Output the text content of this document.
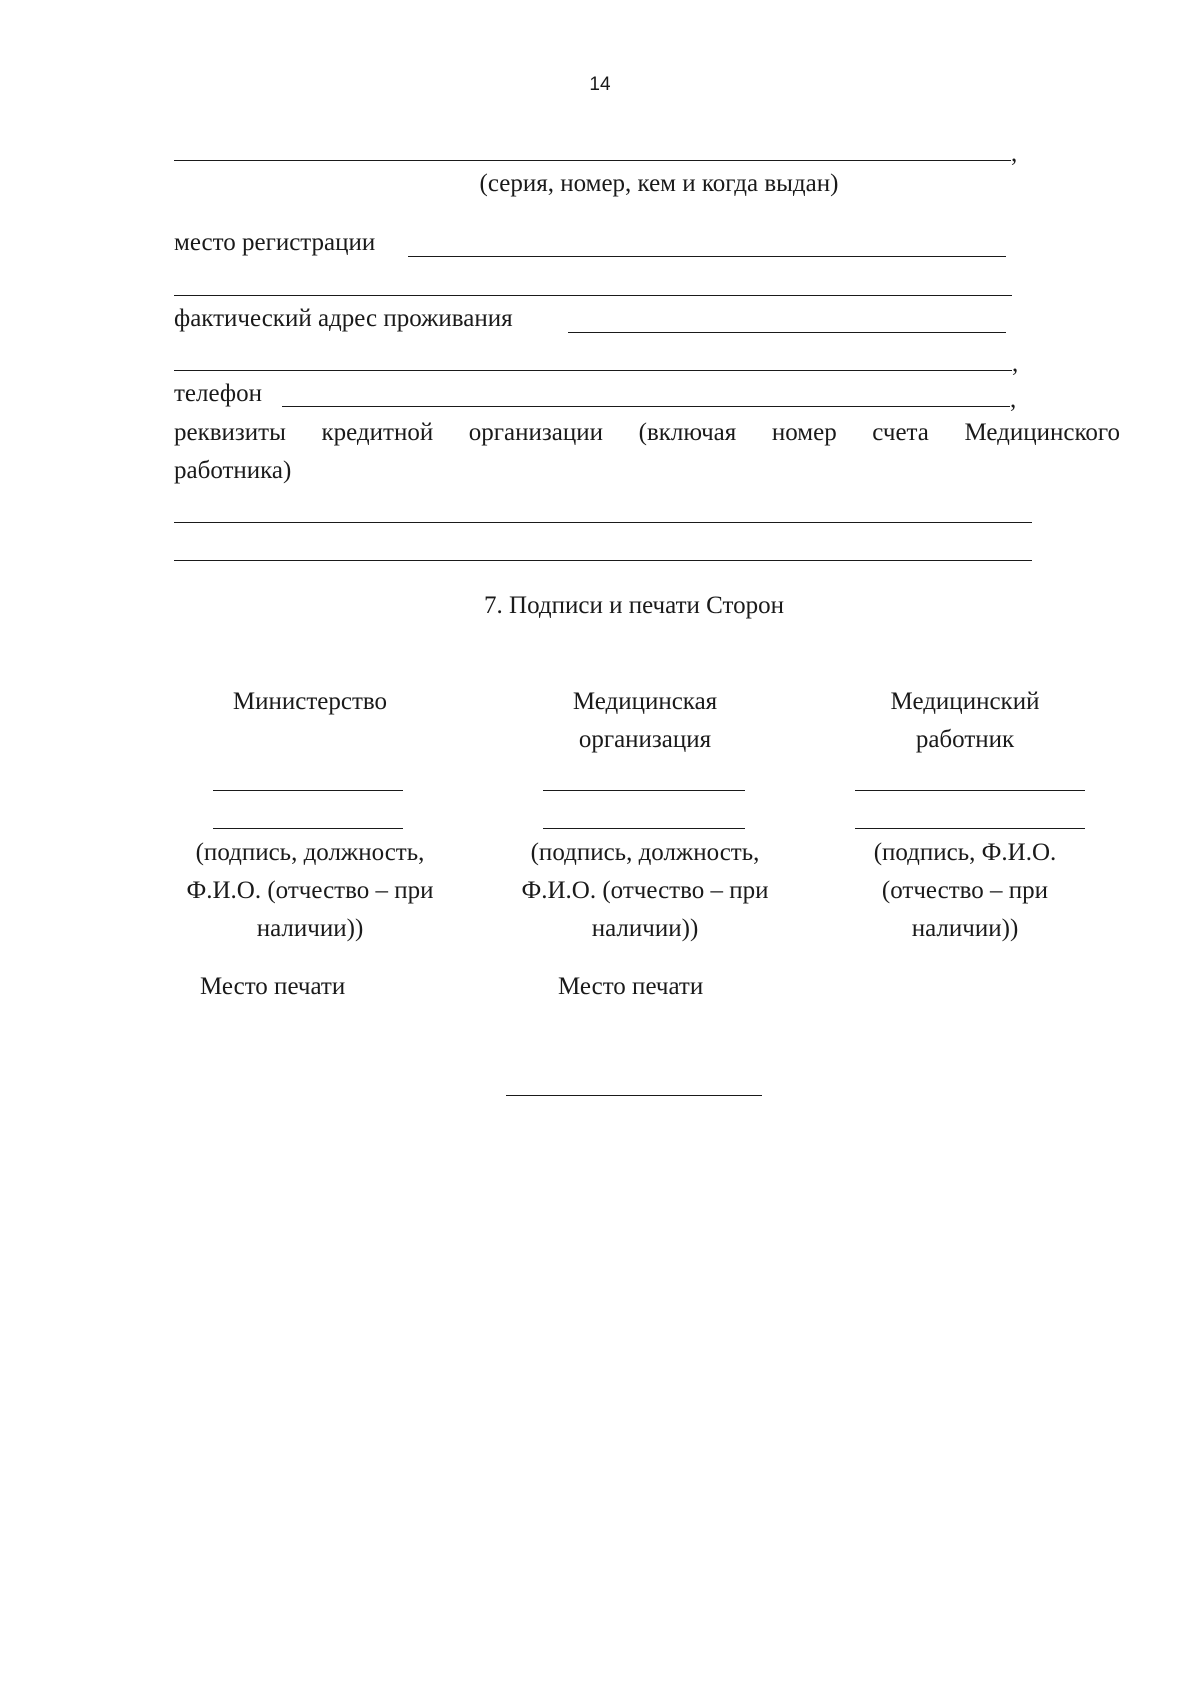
14
,
(серия, номер, кем и когда выдан)
место регистрации
фактический адрес проживания
,
телефон	,
реквизиты кредитной организации (включая номер счета Медицинского
работника)
7. Подписи и печати Сторон
Министерство
(подпись, должность,
Ф.И.О. (отчество – при
наличии))
Место печати
Медицинская
организация
(подпись, должность,
Ф.И.О. (отчество – при
наличии))
Место печати
Медицинский
работник
(подпись, Ф.И.О.
(отчество – при
наличии))
